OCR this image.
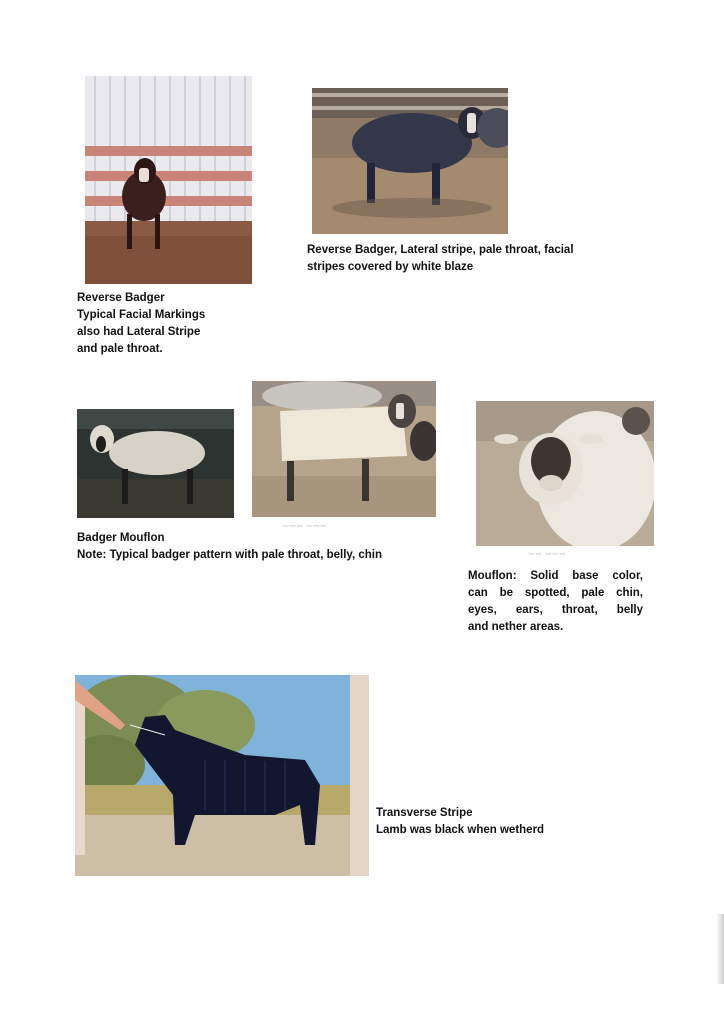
Reverse Badger, Lateral stripe, pale throat, facial
stripes covered by white blaze
Reverse Badger
Typical Facial Markings
also had Lateral Stripe
and pale throat.
〰〰〰 〰〰〰
〰〰 〰〰〰
Badger Mouflon
Note: Typical badger pattern with pale throat, belly, chin
Mouflon: Solid base color,
can be spotted, pale chin,
eyes, ears, throat, belly
and nether areas.
Transverse Stripe
Lamb was black when wetherd
